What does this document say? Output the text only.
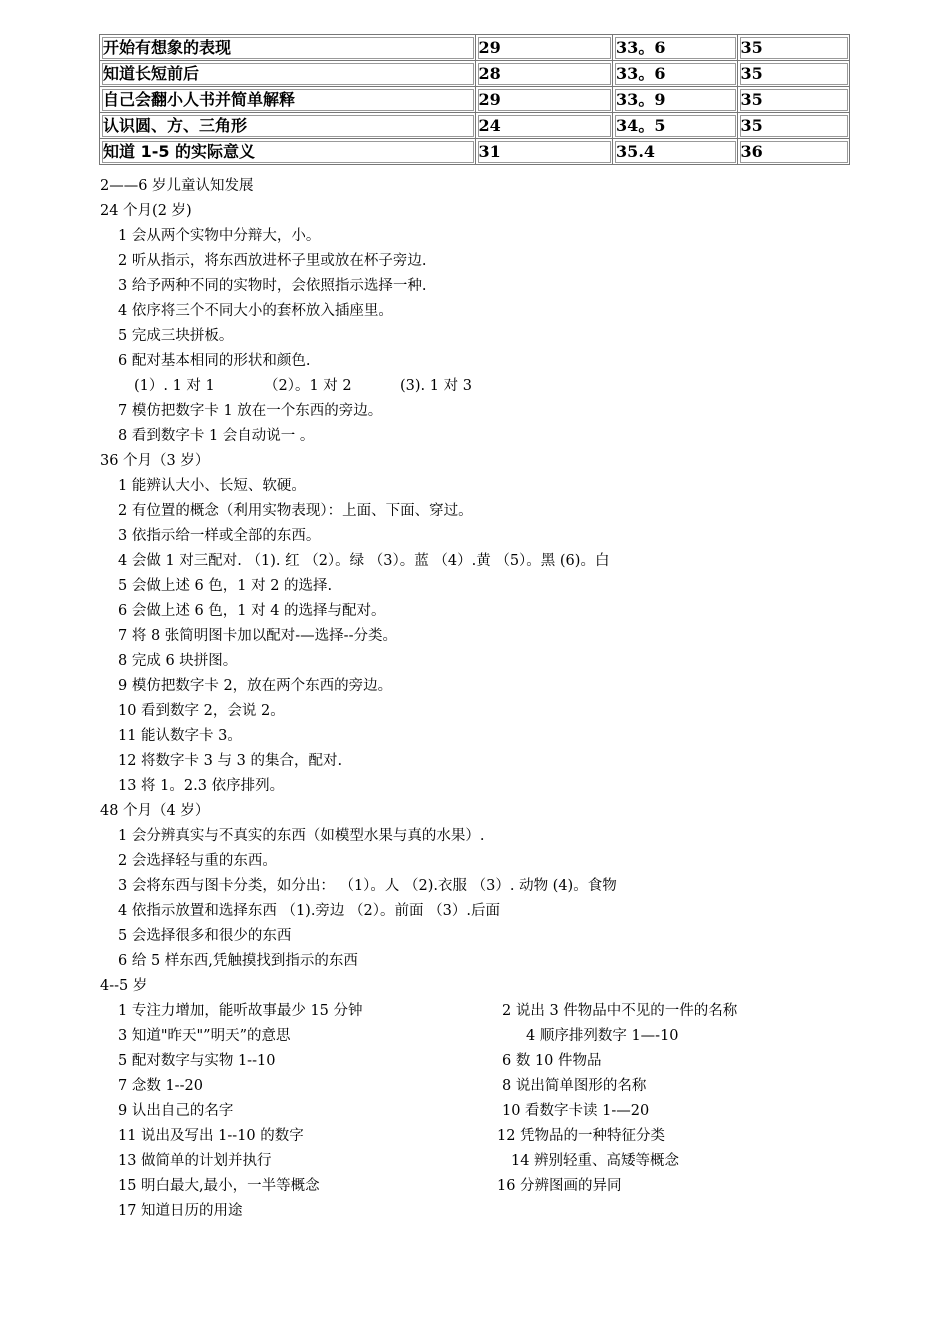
开始有想象的表现	29	33。6	35
知道长短前后	28	33。6	35
自己会翻小人书并简单解释	29	33。9	35
认识圆、方、三角形	24	34。5	35
知道 1-5 的实际意义	31	35.4	36
2——6 岁儿童认知发展
24 个月(2 岁)
1 会从两个实物中分辩大，小。
2 听从指示，将东西放进杯子里或放在杯子旁边.
3 给予两种不同的实物时，会依照指示选择一种.
4 依序将三个不同大小的套杯放入插座里。
5 完成三块拼板。
6 配对基本相同的形状和颜色.
(1）. 1 对 1	（2）。1 对 2	(3). 1 对 3
7 模仿把数字卡 1 放在一个东西的旁边。
8 看到数字卡 1 会自动说一 。
36 个月（3 岁）
1 能辨认大小、长短、软硬。
2 有位置的概念（利用实物表现）：上面、下面、穿过。
3 依指示给一样或全部的东西。
4 会做 1 对三配对. （1). 红 （2）。绿 （3）。蓝 （4）.黄 （5）。黑 (6)。白
5 会做上述 6 色，1 对 2 的选择.
6 会做上述 6 色，1 对 4 的选择与配对。
7 将 8 张简明图卡加以配对-—选择--分类。
8 完成 6 块拼图。
9 模仿把数字卡 2，放在两个东西的旁边。
10 看到数字 2，会说 2。
11 能认数字卡 3。
12 将数字卡 3 与 3 的集合，配对.
13 将 1。2.3 依序排列。
48 个月（4 岁）
1 会分辨真实与不真实的东西（如模型水果与真的水果）.
2 会选择轻与重的东西。
3 会将东西与图卡分类，如分出： （1）。人 （2).衣服 （3）. 动物 (4)。食物
4 依指示放置和选择东西 （1).旁边 （2）。前面 （3）.后面
5 会选择很多和很少的东西
6 给 5 样东西,凭触摸找到指示的东西
4--5 岁
1 专注力增加，能听故事最少 15 分钟	2 说出 3 件物品中不见的一件的名称
3 知道"昨天"”明天”的意思	4 顺序排列数字 1—-10
5 配对数字与实物 1--10	6 数 10 件物品
7 念数 1--20	8 说出简单图形的名称
9 认出自己的名字	10 看数字卡读 1-—20
11 说出及写出 1--10 的数字	12 凭物品的一种特征分类
13 做简单的计划并执行	14 辨别轻重、高矮等概念
15 明白最大,最小，一半等概念	16 分辨图画的异同
17 知道日历的用途
